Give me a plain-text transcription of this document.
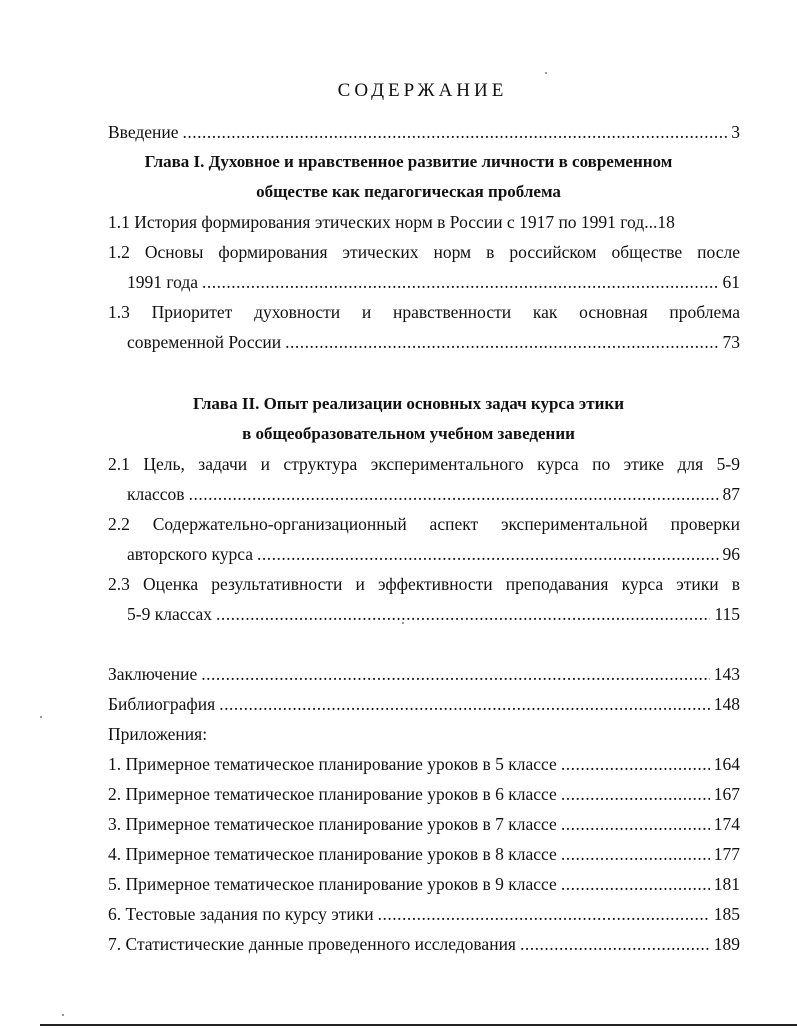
СОДЕРЖАНИЕ
Введение .....	3
Глава I. Духовное и нравственное развитие личности в современном
обществе как педагогическая проблема
1.1 История формирования этических норм в России с 1917 по 1991 год...18
1.2 Основы формирования этических норм в российском обществе после
1991 года .....	61
1.3 Приоритет духовности и нравственности как основная проблема
современной России .....	73
Глава II. Опыт реализации основных задач курса этики
в общеобразовательном учебном заведении
2.1 Цель, задачи и структура экспериментального курса по этике для 5-9
классов .....	87
2.2 Содержательно-организационный аспект экспериментальной проверки
авторского курса .....	96
2.3 Оценка результативности и эффективности преподавания курса этики в
5-9 классах .....	115
Заключение .....	143
Библиография .....	148
Приложения:
1. Примерное тематическое планирование уроков в 5 классе .....	164
2. Примерное тематическое планирование уроков в 6 классе .....	167
3. Примерное тематическое планирование уроков в 7 классе .....	174
4. Примерное тематическое планирование уроков в 8 классе .....	177
5. Примерное тематическое планирование уроков в 9 классе .....	181
6. Тестовые задания по курсу этики .....	185
7. Статистические данные проведенного исследования .....	189
